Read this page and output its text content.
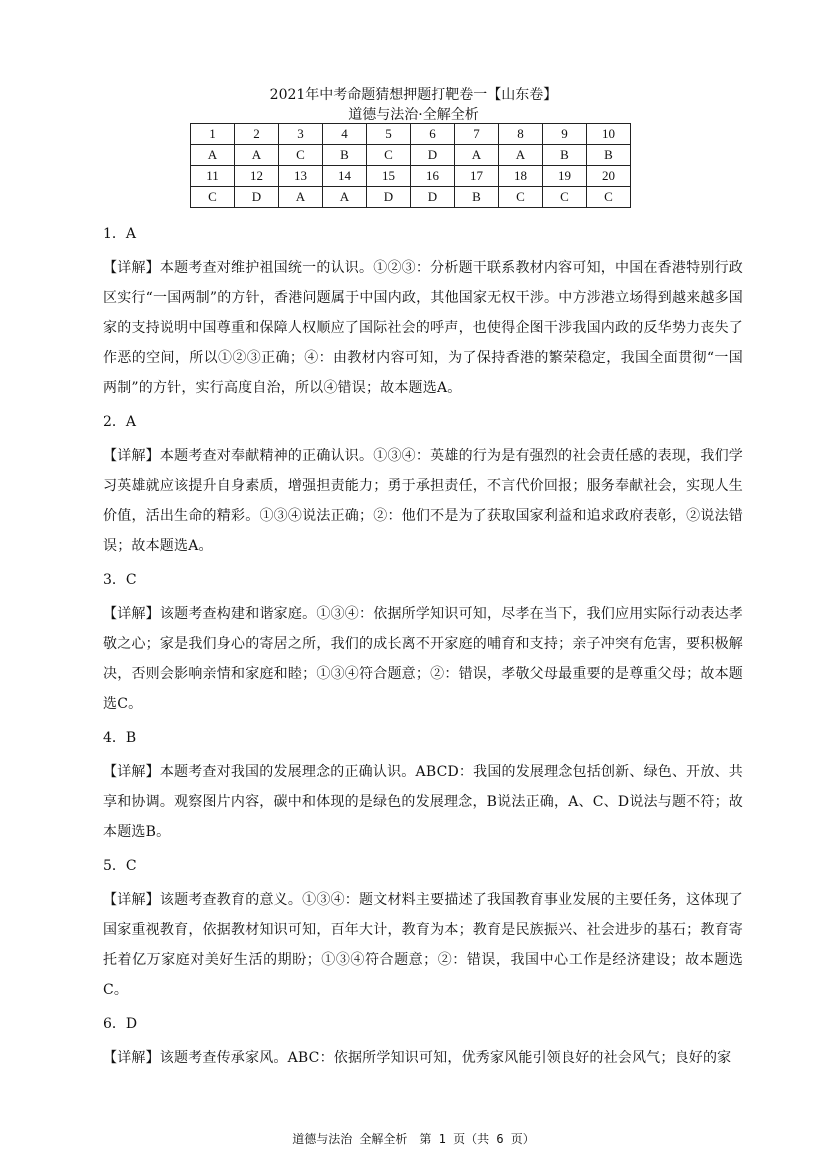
2021年中考命题猜想押题打靶卷一【山东卷】
道德与法治·全解全析
1	2	3	4	5	6	7	8	9	10
A	A	C	B	C	D	A	A	B	B
11	12	13	14	15	16	17	18	19	20
C	D	A	A	D	D	B	C	C	C
1．A
【详解】本题考查对维护祖国统一的认识。①②③：分析题干联系教材内容可知，中国在香港特别行政区实行“一国两制”的方针，香港问题属于中国内政，其他国家无权干涉。中方涉港立场得到越来越多国家的支持说明中国尊重和保障人权顺应了国际社会的呼声，也使得企图干涉我国内政的反华势力丧失了作恶的空间，所以①②③正确；④：由教材内容可知，为了保持香港的繁荣稳定，我国全面贯彻“一国两制”的方针，实行高度自治，所以④错误；故本题选A。
2．A
【详解】本题考查对奉献精神的正确认识。①③④：英雄的行为是有强烈的社会责任感的表现，我们学习英雄就应该提升自身素质，增强担责能力；勇于承担责任，不言代价回报；服务奉献社会，实现人生价值，活出生命的精彩。①③④说法正确；②：他们不是为了获取国家利益和追求政府表彰，②说法错误；故本题选A。
3．C
【详解】该题考查构建和谐家庭。①③④：依据所学知识可知，尽孝在当下，我们应用实际行动表达孝敬之心；家是我们身心的寄居之所，我们的成长离不开家庭的哺育和支持；亲子冲突有危害，要积极解决，否则会影响亲情和家庭和睦；①③④符合题意；②：错误，孝敬父母最重要的是尊重父母；故本题选C。
4．B
【详解】本题考查对我国的发展理念的正确认识。ABCD：我国的发展理念包括创新、绿色、开放、共享和协调。观察图片内容，碳中和体现的是绿色的发展理念，B说法正确，A、C、D说法与题不符；故本题选B。
5．C
【详解】该题考查教育的意义。①③④：题文材料主要描述了我国教育事业发展的主要任务，这体现了国家重视教育，依据教材知识可知，百年大计，教育为本；教育是民族振兴、社会进步的基石；教育寄托着亿万家庭对美好生活的期盼；①③④符合题意；②：错误，我国中心工作是经济建设；故本题选C。
6．D
【详解】该题考查传承家风。ABC：依据所学知识可知，优秀家风能引领良好的社会风气；良好的家
道德与法治 全解全析　第 1 页（共 6 页）
